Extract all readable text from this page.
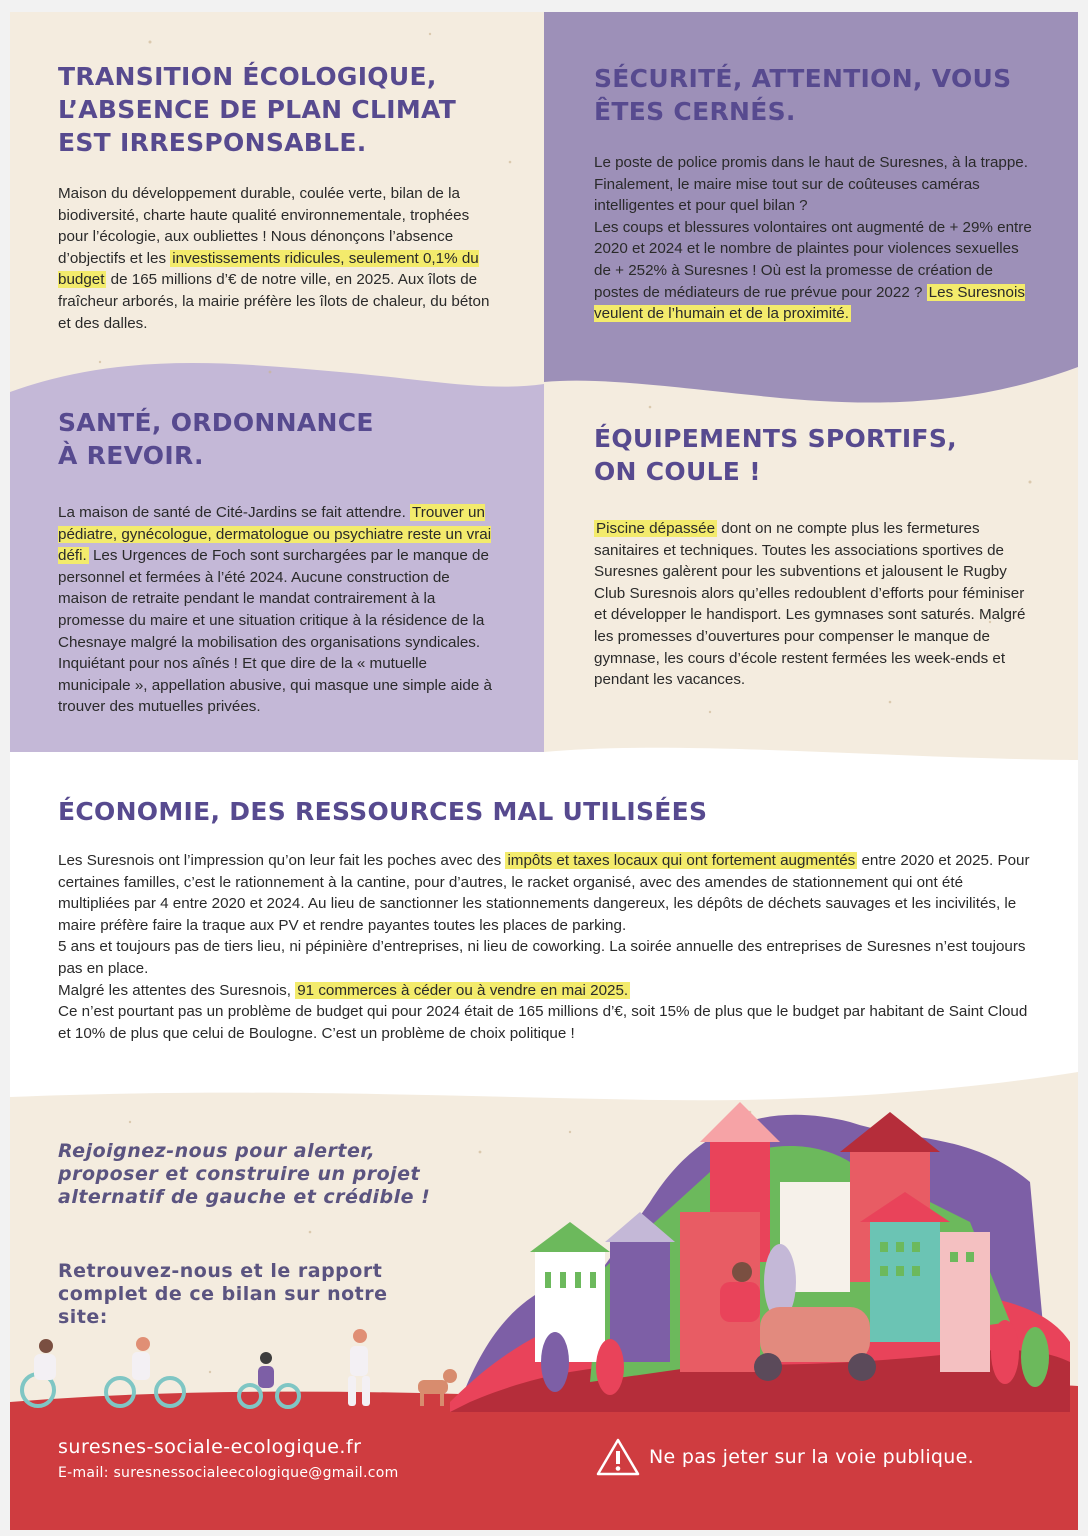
TRANSITION ÉCOLOGIQUE,
L’ABSENCE DE PLAN CLIMAT
EST IRRESPONSABLE.

Maison du développement durable, coulée verte, bilan de la biodiversité, charte haute qualité environnementale, trophées pour l’écologie, aux oubliettes ! Nous dénonçons l’absence d’objectifs et les investissements ridicules, seulement 0,1% du budget de 165 millions d’€ de notre ville, en 2025. Aux îlots de fraîcheur arborés, la mairie préfère les îlots de chaleur, du béton et des dalles.

SÉCURITÉ, ATTENTION, VOUS
ÊTES CERNÉS.

Le poste de police promis dans le haut de Suresnes, à la trappe. Finalement, le maire mise tout sur de coûteuses caméras intelligentes et pour quel bilan ?

Les coups et blessures volontaires ont augmenté de + 29% entre 2020 et 2024 et le nombre de plaintes pour violences sexuelles de + 252% à Suresnes ! Où est la promesse de création de postes de médiateurs de rue prévue pour 2022 ? Les Suresnois veulent de l’humain et de la proximité.

SANTÉ, ORDONNANCE
À REVOIR.

La maison de santé de Cité-Jardins se fait attendre. Trouver un pédiatre, gynécologue, dermatologue ou psychiatre reste un vrai défi. Les Urgences de Foch sont surchargées par le manque de personnel et fermées à l’été 2024. Aucune construction de maison de retraite pendant le mandat contrairement à la promesse du maire et une situation critique à la résidence de la Chesnaye malgré la mobilisation des organisations syndicales. Inquiétant pour nos aînés ! Et que dire de la « mutuelle municipale », appellation abusive, qui masque une simple aide à trouver des mutuelles privées.

ÉQUIPEMENTS SPORTIFS,
ON COULE !

Piscine dépassée dont on ne compte plus les fermetures sanitaires et techniques. Toutes les associations sportives de Suresnes galèrent pour les subventions et jalousent le Rugby Club Suresnois alors qu’elles redoublent d’efforts pour féminiser et développer le handisport. Les gymnases sont saturés. Malgré les promesses d’ouvertures pour compenser le manque de gymnase, les cours d’école restent fermées les week-ends et pendant les vacances.

ÉCONOMIE, DES RESSOURCES MAL UTILISÉES

Les Suresnois ont l’impression qu’on leur fait les poches avec des impôts et taxes locaux qui ont fortement augmentés entre 2020 et 2025. Pour certaines familles, c’est le rationnement à la cantine, pour d’autres, le racket organisé, avec des amendes de stationnement qui ont été multipliées par 4 entre 2020 et 2024. Au lieu de sanctionner les stationnements dangereux, les dépôts de déchets sauvages et les incivilités, le maire préfère faire la traque aux PV et rendre payantes toutes les places de parking.

5 ans et toujours pas de tiers lieu, ni pépinière d’entreprises, ni lieu de coworking. La soirée annuelle des entreprises de Suresnes n’est toujours pas en place.

Malgré les attentes des Suresnois, 91 commerces à céder ou à vendre en mai 2025.

Ce n’est pourtant pas un problème de budget qui pour 2024 était de 165 millions d’€, soit 15% de plus que le budget par habitant de Saint Cloud et 10% de plus que celui de Boulogne. C’est un problème de choix politique !

Rejoignez-nous pour alerter, proposer et construire un projet alternatif de gauche et crédible !

Retrouvez-nous et le rapport complet de ce bilan sur notre site:

suresnes-sociale-ecologique.fr
E-mail: suresnessocialeecologique@gmail.com
Ne pas jeter sur la voie publique.
